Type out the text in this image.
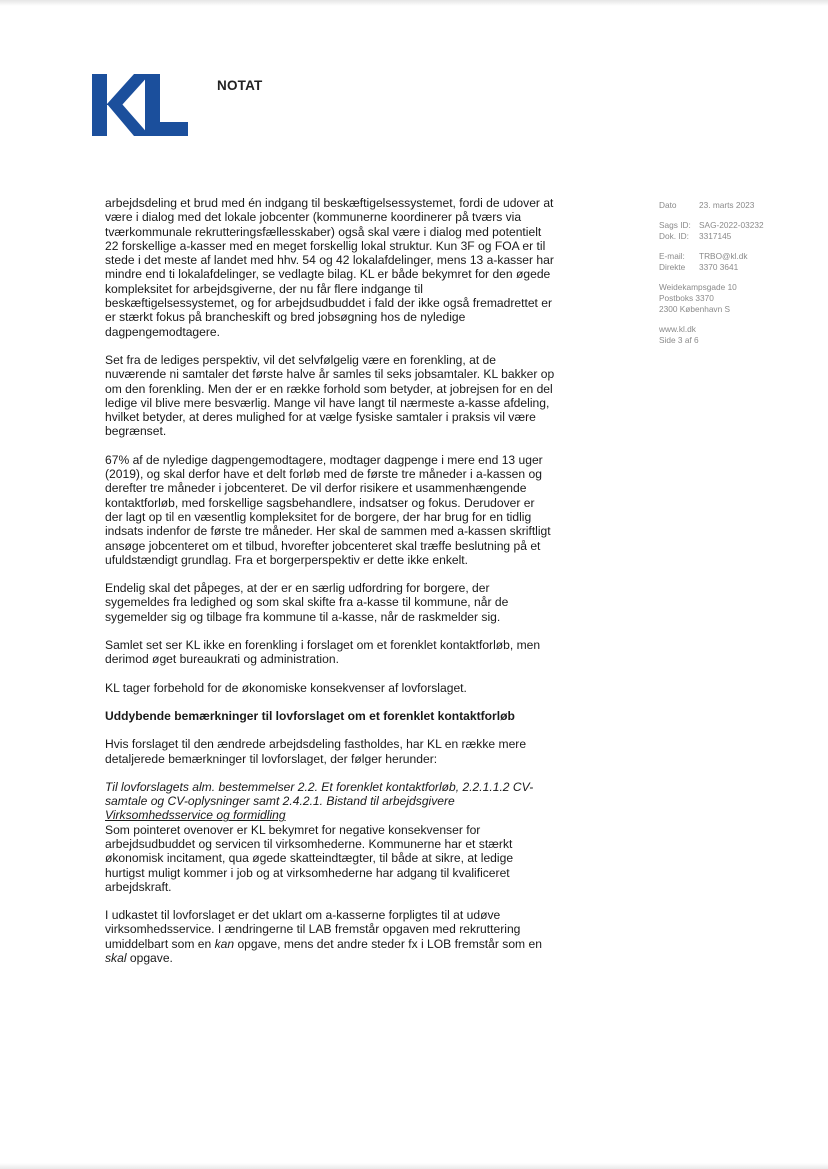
NOTAT
Dato	23. marts 2023
Sags ID: SAG-2022-03232
Dok. ID: 3317145
E-mail: TRBO@kl.dk
Direkte 3370 3641
Weidekampsgade 10
Postboks 3370
2300 København S
www.kl.dk
Side 3 af 6

arbejdsdeling et brud med én indgang til beskæftigelsessystemet, fordi de udover at være i dialog med det lokale jobcenter (kommunerne koordinerer på tværs via tværkommunale rekrutteringsfællesskaber) også skal være i dialog med potentielt 22 forskellige a-kasser med en meget forskellig lokal struktur. Kun 3F og FOA er til stede i det meste af landet med hhv. 54 og 42 lokalafdelinger, mens 13 a-kasser har mindre end ti lokalafdelinger, se vedlagte bilag. KL er både bekymret for den øgede kompleksitet for arbejdsgiverne, der nu får flere indgange til beskæftigelsessystemet, og for arbejdsudbuddet i fald der ikke også fremadrettet er er stærkt fokus på brancheskift og bred jobsøgning hos de nyledige dagpengemodtagere.

Set fra de lediges perspektiv, vil det selvfølgelig være en forenkling, at de nuværende ni samtaler det første halve år samles til seks jobsamtaler. KL bakker op om den forenkling. Men der er en række forhold som betyder, at jobrejsen for en del ledige vil blive mere besværlig. Mange vil have langt til nærmeste a-kasse afdeling, hvilket betyder, at deres mulighed for at vælge fysiske samtaler i praksis vil være begrænset.

67% af de nyledige dagpengemodtagere, modtager dagpenge i mere end 13 uger (2019), og skal derfor have et delt forløb med de første tre måneder i a-kassen og derefter tre måneder i jobcenteret. De vil derfor risikere et usammenhængende kontaktforløb, med forskellige sagsbehandlere, indsatser og fokus. Derudover er der lagt op til en væsentlig kompleksitet for de borgere, der har brug for en tidlig indsats indenfor de første tre måneder. Her skal de sammen med a-kassen skriftligt ansøge jobcenteret om et tilbud, hvorefter jobcenteret skal træffe beslutning på et ufuldstændigt grundlag. Fra et borgerperspektiv er dette ikke enkelt.

Endelig skal det påpeges, at der er en særlig udfordring for borgere, der sygemeldes fra ledighed og som skal skifte fra a-kasse til kommune, når de sygemelder sig og tilbage fra kommune til a-kasse, når de raskmelder sig.

Samlet set ser KL ikke en forenkling i forslaget om et forenklet kontaktforløb, men derimod øget bureaukrati og administration.

KL tager forbehold for de økonomiske konsekvenser af lovforslaget.

Uddybende bemærkninger til lovforslaget om et forenklet kontaktforløb

Hvis forslaget til den ændrede arbejdsdeling fastholdes, har KL en række mere detaljerede bemærkninger til lovforslaget, der følger herunder:

Til lovforslagets alm. bestemmelser 2.2. Et forenklet kontaktforløb, 2.2.1.1.2 CV-samtale og CV-oplysninger samt 2.4.2.1. Bistand til arbejdsgivere
Virksomhedsservice og formidling

Som pointeret ovenover er KL bekymret for negative konsekvenser for arbejdsudbuddet og servicen til virksomhederne. Kommunerne har et stærkt økonomisk incitament, qua øgede skatteindtægter, til både at sikre, at ledige hurtigst muligt kommer i job og at virksomhederne har adgang til kvalificeret arbejdskraft.

I udkastet til lovforslaget er det uklart om a-kasserne forpligtes til at udøve virksomhedsservice. I ændringerne til LAB fremstår opgaven med rekruttering umiddelbart som en kan opgave, mens det andre steder fx i LOB fremstår som en skal opgave.
